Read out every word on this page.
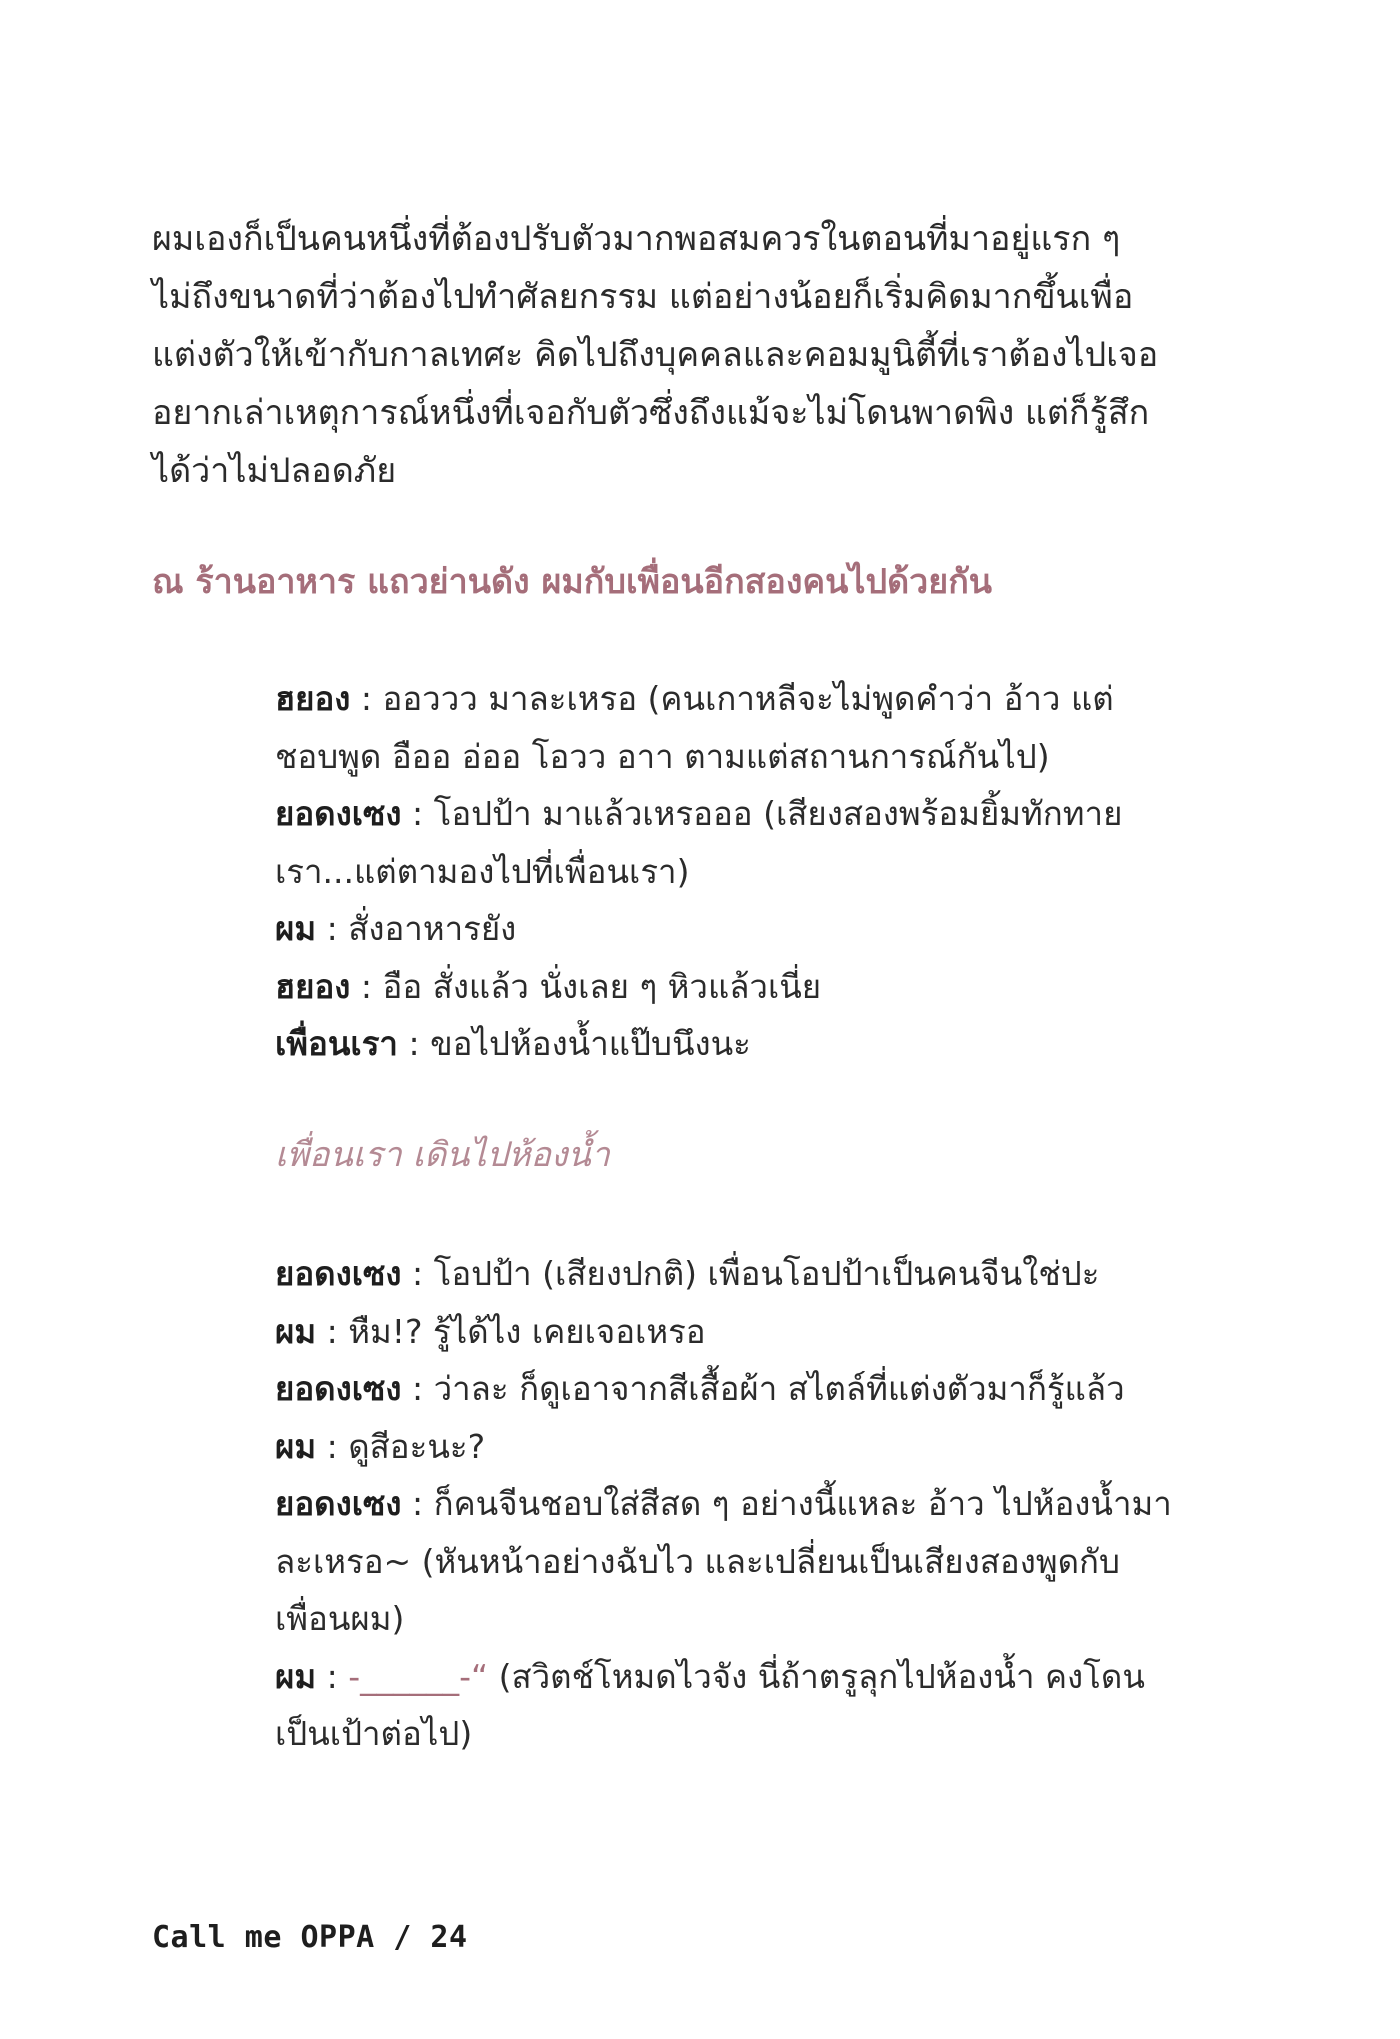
ผมเองก็เป็นคนหนึ่งที่ต้องปรับตัวมากพอสมควรในตอนที่มาอยู่แรก ๆ ไม่ถึงขนาดที่ว่าต้องไปทำศัลยกรรม แต่อย่างน้อยก็เริ่มคิดมากขึ้นเพื่อแต่งตัวให้เข้ากับกาลเทศะ คิดไปถึงบุคคลและคอมมูนิตี้ที่เราต้องไปเจอ อยากเล่าเหตุการณ์หนึ่งที่เจอกับตัวซึ่งถึงแม้จะไม่โดนพาดพิง แต่ก็รู้สึกได้ว่าไม่ปลอดภัย

ณ ร้านอาหาร แถวย่านดัง ผมกับเพื่อนอีกสองคนไปด้วยกัน

ฮยอง : ออววว มาละเหรอ (คนเกาหลีจะไม่พูดคำว่า อ้าว แต่ชอบพูด อืออ อ่ออ โอวว อาา ตามแต่สถานการณ์กันไป)
ยอดงเซง : โอปป้า มาแล้วเหรอออ (เสียงสองพร้อมยิ้มทักทายเรา...แต่ตามองไปที่เพื่อนเรา)
ผม : สั่งอาหารยัง
ฮยอง : อือ สั่งแล้ว นั่งเลย ๆ หิวแล้วเนี่ย
เพื่อนเรา : ขอไปห้องน้ำแป๊บนึงนะ

เพื่อนเรา เดินไปห้องน้ำ

ยอดงเซง : โอปป้า (เสียงปกติ) เพื่อนโอปป้าเป็นคนจีนใช่ปะ
ผม : หืม!? รู้ได้ไง เคยเจอเหรอ
ยอดงเซง : ว่าละ ก็ดูเอาจากสีเสื้อผ้า สไตล์ที่แต่งตัวมาก็รู้แล้ว
ผม : ดูสีอะนะ?
ยอดงเซง : ก็คนจีนชอบใส่สีสด ๆ อย่างนี้แหละ อ้าว ไปห้องน้ำมาละเหรอ~ (หันหน้าอย่างฉับไว และเปลี่ยนเป็นเสียงสองพูดกับเพื่อนผม)
ผม : -______-“ (สวิตช์โหมดไวจัง นี่ถ้าตรูลุกไปห้องน้ำ คงโดนเป็นเป้าต่อไป)
Call me OPPA / 24
